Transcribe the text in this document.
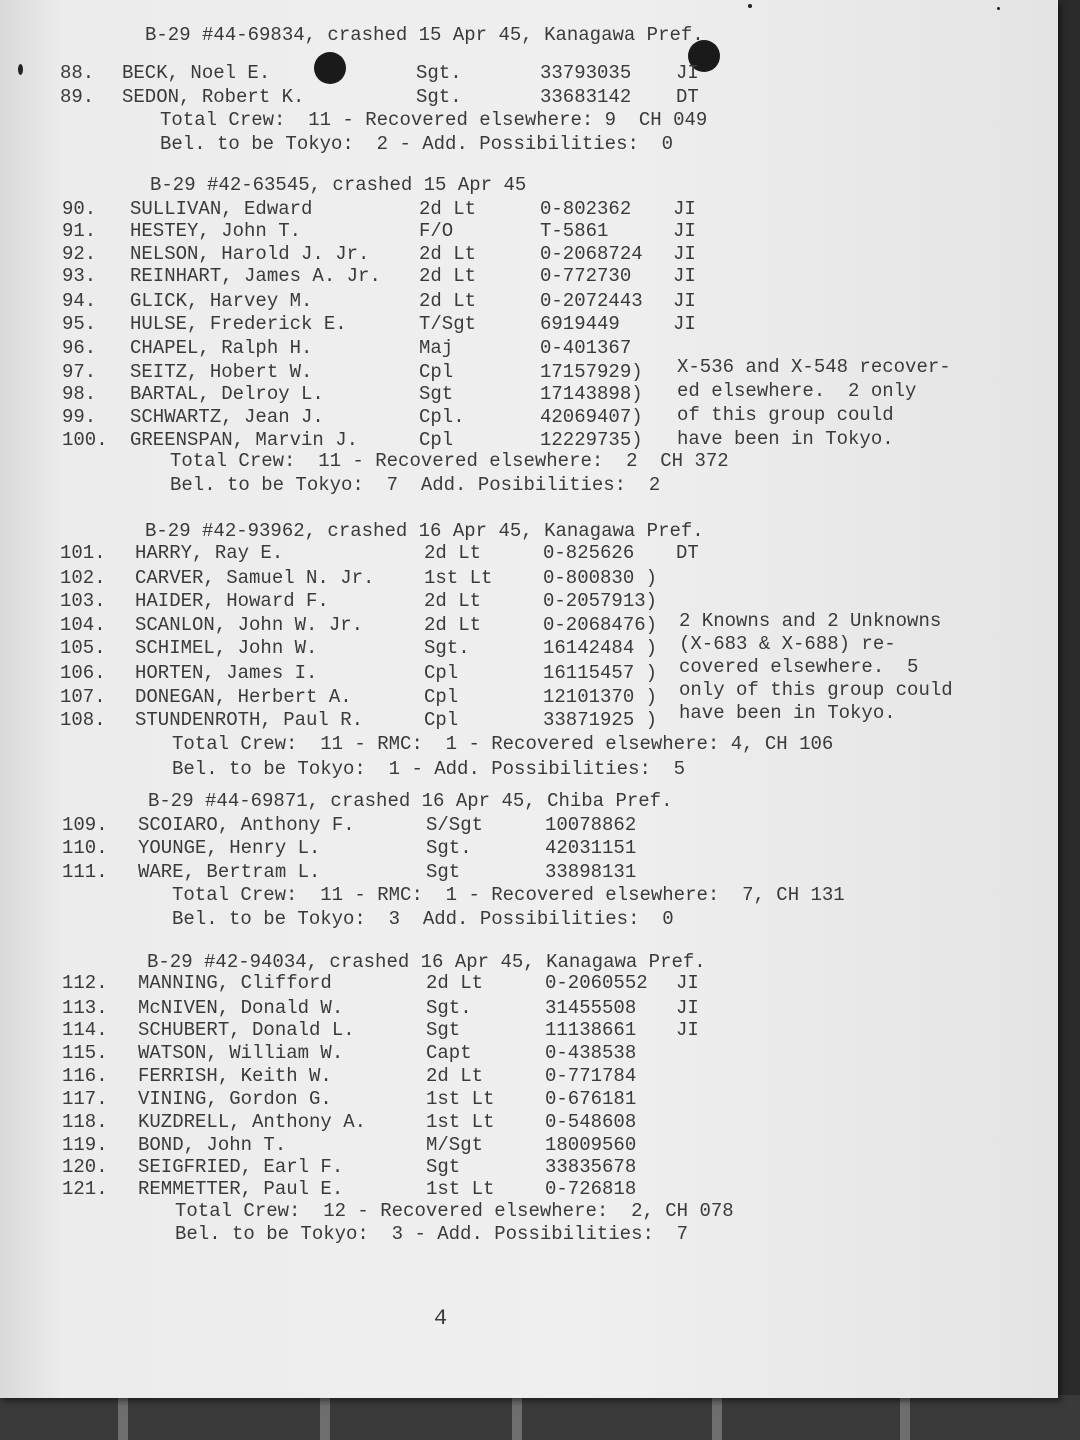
4
B-29 #44-69834, crashed 15 Apr 45, Kanagawa Pref.
88. BECK, Noel E.	Sgt.	33793035 JI
89. SEDON, Robert K.	Sgt.	33683142 DT
Total Crew:  11 - Recovered elsewhere: 9  CH 049
Bel. to be Tokyo:  2 - Add. Possibilities:  0
B-29 #42-63545, crashed 15 Apr 45
90. SULLIVAN, Edward	2d Lt	0-802362 JI
91. HESTEY, John T.	F/O	T-5861	JI
92. NELSON, Harold J. Jr.	2d Lt	0-2068724 JI
93. REINHART, James A. Jr. 2d Lt	0-772730 JI
94. GLICK, Harvey M.	2d Lt	0-2072443 JI
95. HULSE, Frederick E.	T/Sgt	6919449	JI
96. CHAPEL, Ralph H.	Maj	0-401367
97. SEITZ, Hobert W.	Cpl	17157929)
98. BARTAL, Delroy L.	Sgt	17143898)
99. SCHWARTZ, Jean J.	Cpl.	42069407)
100. GREENSPAN, Marvin J.	Cpl	12229735)
X-536 and X-548 recover-
ed elsewhere.  2 only
of this group could
have been in Tokyo.
Total Crew:  11 - Recovered elsewhere:  2  CH 372
Bel. to be Tokyo:  7  Add. Posibilities:  2
B-29 #42-93962, crashed 16 Apr 45, Kanagawa Pref.
101. HARRY, Ray E.	2d Lt	0-825626 DT
102. CARVER, Samuel N. Jr.	1st Lt	0-800830 )
103. HAIDER, Howard F.	2d Lt	0-2057913)
104. SCANLON, John W. Jr.	2d Lt	0-2068476)
105. SCHIMEL, John W.	Sgt.	16142484 )
106. HORTEN, James I.	Cpl	16115457 )
107. DONEGAN, Herbert A.	Cpl	12101370 )
108. STUNDENROTH, Paul R.	Cpl	33871925 )
2 Knowns and 2 Unknowns
(X-683 & X-688) re-
covered elsewhere.  5
only of this group could
have been in Tokyo.
Total Crew:  11 - RMC:  1 - Recovered elsewhere: 4, CH 106
Bel. to be Tokyo:  1 - Add. Possibilities:  5
B-29 #44-69871, crashed 16 Apr 45, Chiba Pref.
109. SCOIARO, Anthony F.	S/Sgt	10078862
110. YOUNGE, Henry L.	Sgt.	42031151
111. WARE, Bertram L.	Sgt	33898131
Total Crew:  11 - RMC:  1 - Recovered elsewhere:  7, CH 131
Bel. to be Tokyo:  3  Add. Possibilities:  0
B-29 #42-94034, crashed 16 Apr 45, Kanagawa Pref.
112. MANNING, Clifford	2d Lt	0-2060552 JI
113. McNIVEN, Donald W.	Sgt.	31455508 JI
114. SCHUBERT, Donald L.	Sgt	11138661 JI
115. WATSON, William W.	Capt	0-438538
116. FERRISH, Keith W.	2d Lt	0-771784
117. VINING, Gordon G.	1st Lt	0-676181
118. KUZDRELL, Anthony A.	1st Lt	0-548608
119. BOND, John T.	M/Sgt	18009560
120. SEIGFRIED, Earl F.	Sgt	33835678
121. REMMETTER, Paul E.	1st Lt	0-726818
Total Crew:  12 - Recovered elsewhere:  2, CH 078
Bel. to be Tokyo:  3 - Add. Possibilities:  7
